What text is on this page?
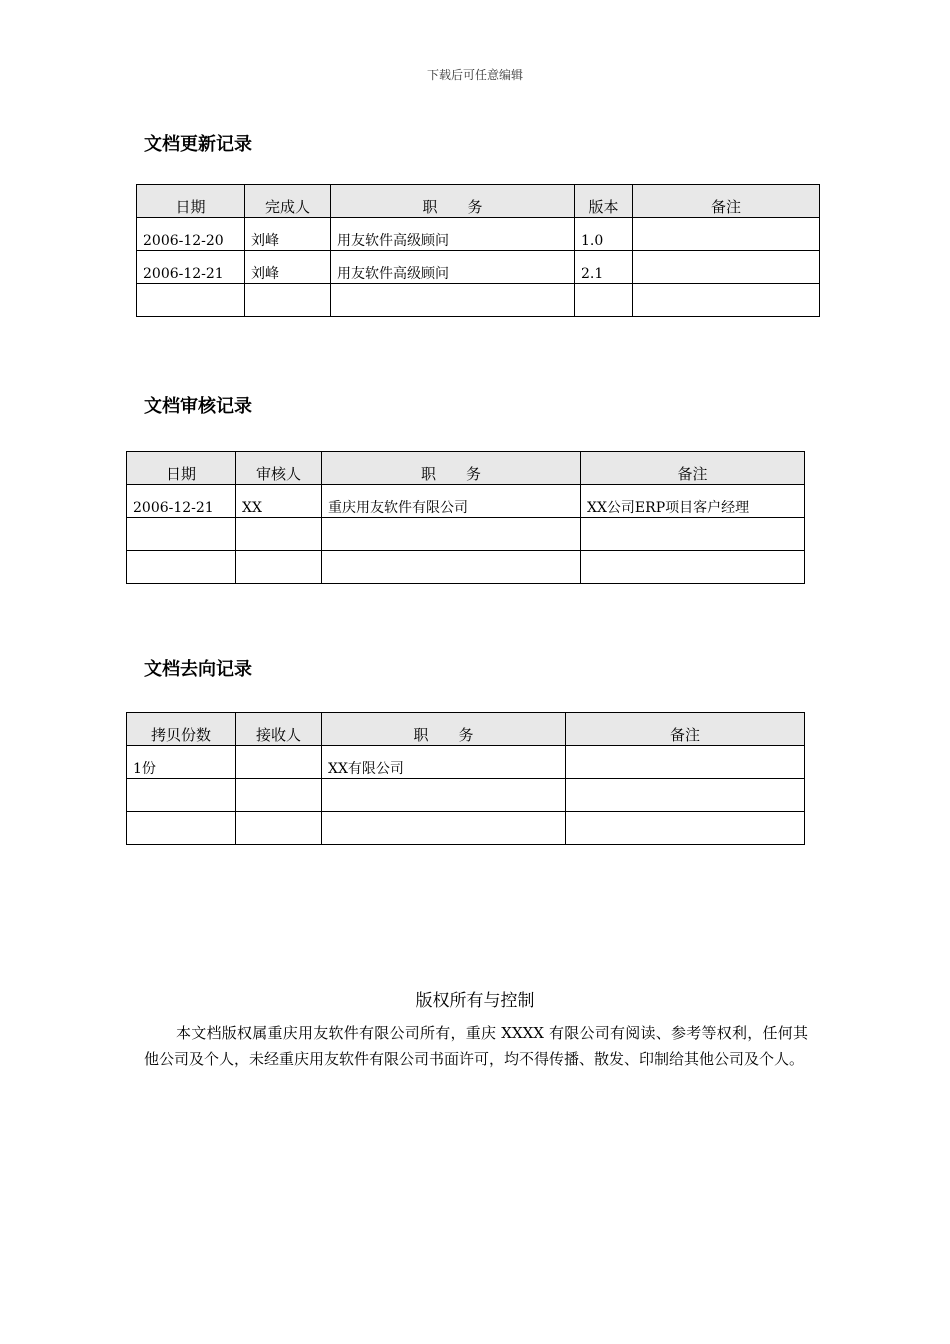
下载后可任意编辑
文档更新记录
日期	完成人	职　　务	版本	备注
2006-12-20	刘峰	用友软件高级顾问	1.0	
2006-12-21	刘峰	用友软件高级顾问	2.1	

文档审核记录
日期	审核人	职　　务	备注
2006-12-21	XX	重庆用友软件有限公司	XX公司ERP项目客户经理

文档去向记录
拷贝份数	接收人	职　　务	备注
1份		XX有限公司	

版权所有与控制
本文档版权属重庆用友软件有限公司所有，重庆 XXXX 有限公司有阅读、参考等权利，任何其他公司及个人，未经重庆用友软件有限公司书面许可，均不得传播、散发、印制给其他公司及个人。
